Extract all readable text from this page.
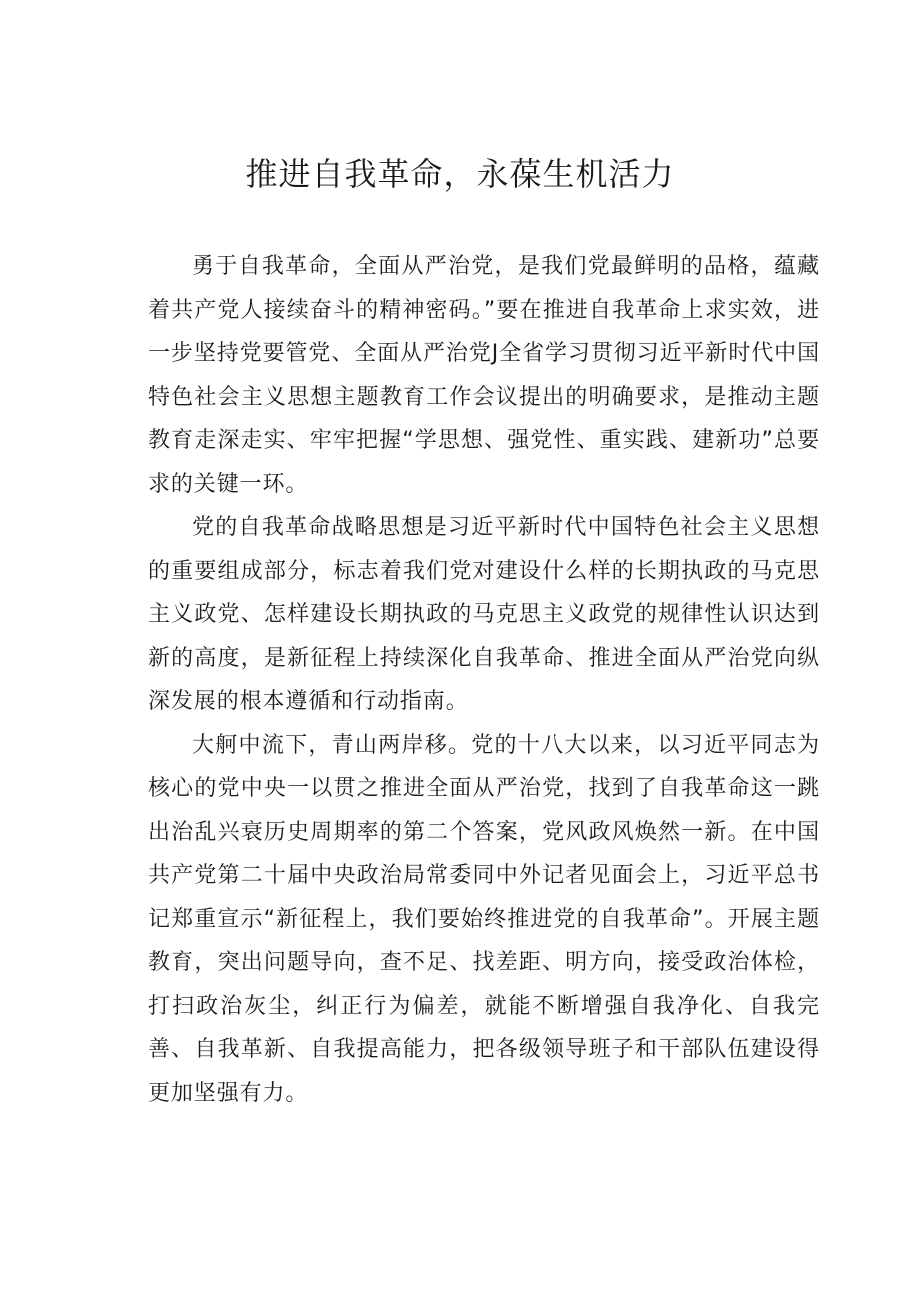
推进自我革命，永葆生机活力

勇于自我革命，全面从严治党，是我们党最鲜明的品格，蕴藏着共产党人接续奋斗的精神密码。”要在推进自我革命上求实效，进一步坚持党要管党、全面从严治党J全省学习贯彻习近平新时代中国特色社会主义思想主题教育工作会议提出的明确要求，是推动主题教育走深走实、牢牢把握“学思想、强党性、重实践、建新功”总要求的关键一环。

党的自我革命战略思想是习近平新时代中国特色社会主义思想的重要组成部分，标志着我们党对建设什么样的长期执政的马克思主义政党、怎样建设长期执政的马克思主义政党的规律性认识达到新的高度，是新征程上持续深化自我革命、推进全面从严治党向纵深发展的根本遵循和行动指南。

大舸中流下，青山两岸移。党的十八大以来，以习近平同志为核心的党中央一以贯之推进全面从严治党，找到了自我革命这一跳出治乱兴衰历史周期率的第二个答案，党风政风焕然一新。在中国共产党第二十届中央政治局常委同中外记者见面会上，习近平总书记郑重宣示“新征程上，我们要始终推进党的自我革命”。开展主题教育，突出问题导向，查不足、找差距、明方向，接受政治体检，打扫政治灰尘，纠正行为偏差，就能不断增强自我净化、自我完善、自我革新、自我提高能力，把各级领导班子和干部队伍建设得更加坚强有力。
